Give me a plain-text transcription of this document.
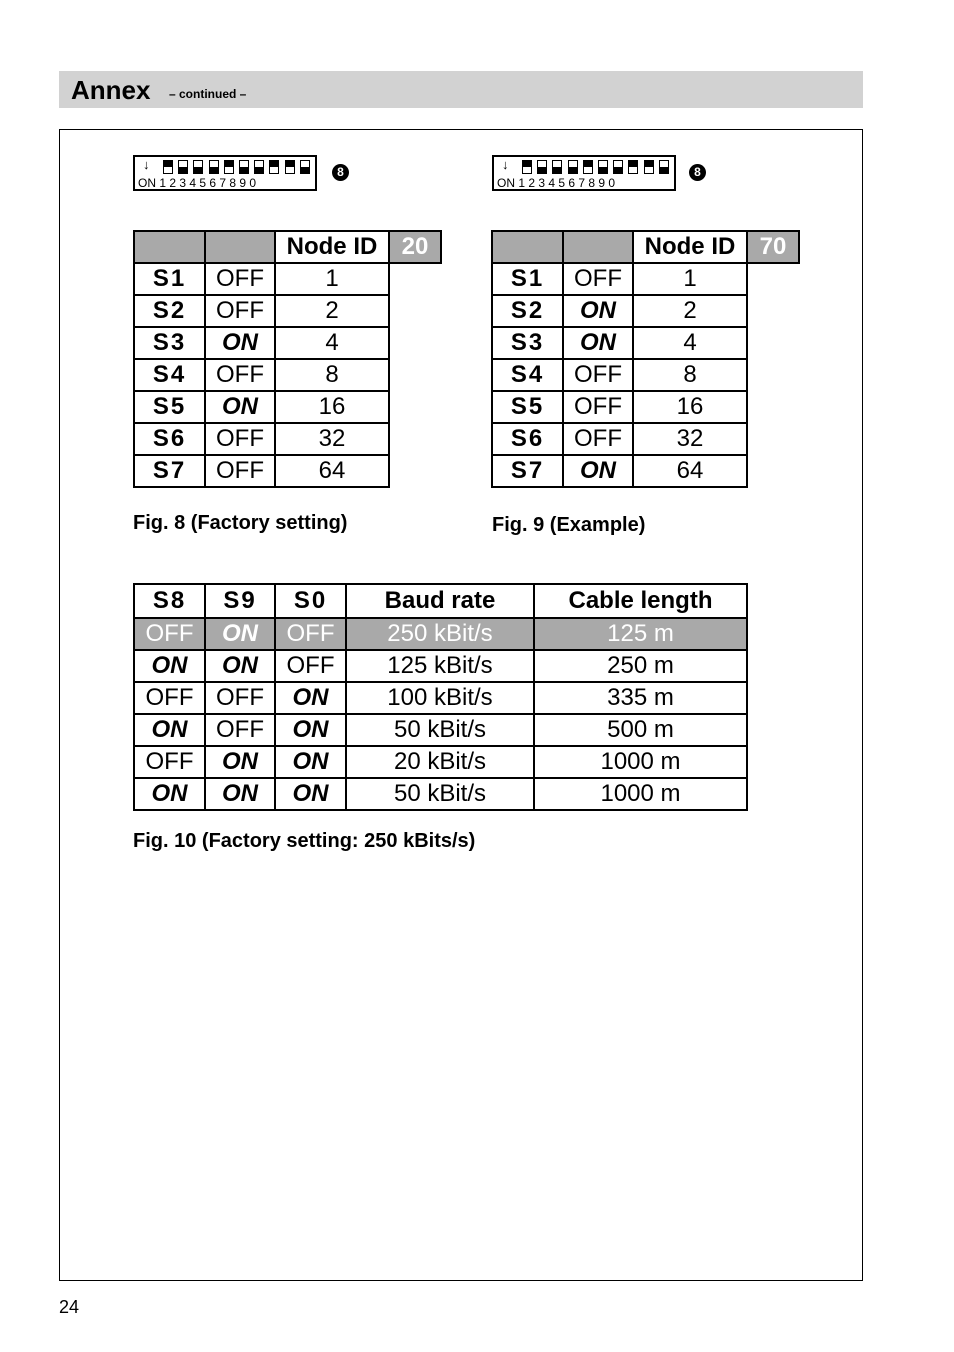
Annex – continued –
↓
ON 1 2 3 4 5 6 7 8 9 0
8	↓
ON 1 2 3 4 5 6 7 8 9 0
8
		Node ID	20
S1	OFF	1	
S2	OFF	2	
S3	ON	4	
S4	OFF	8	
S5	ON	16	
S6	OFF	32	
S7	OFF	64	
Fig. 8 (Factory setting)
		Node ID	70
S1	OFF	1	
S2	ON	2	
S3	ON	4	
S4	OFF	8	
S5	OFF	16	
S6	OFF	32	
S7	ON	64	
Fig. 9 (Example)
S8	S9	S0	Baud rate	Cable length
OFF	ON	OFF	250 kBit/s	125 m
ON	ON	OFF	125 kBit/s	250 m
OFF	OFF	ON	100 kBit/s	335 m
ON	OFF	ON	50 kBit/s	500 m
OFF	ON	ON	20 kBit/s	1000 m
ON	ON	ON	50 kBit/s	1000 m
Fig. 10 (Factory setting: 250 kBits/s)
24
